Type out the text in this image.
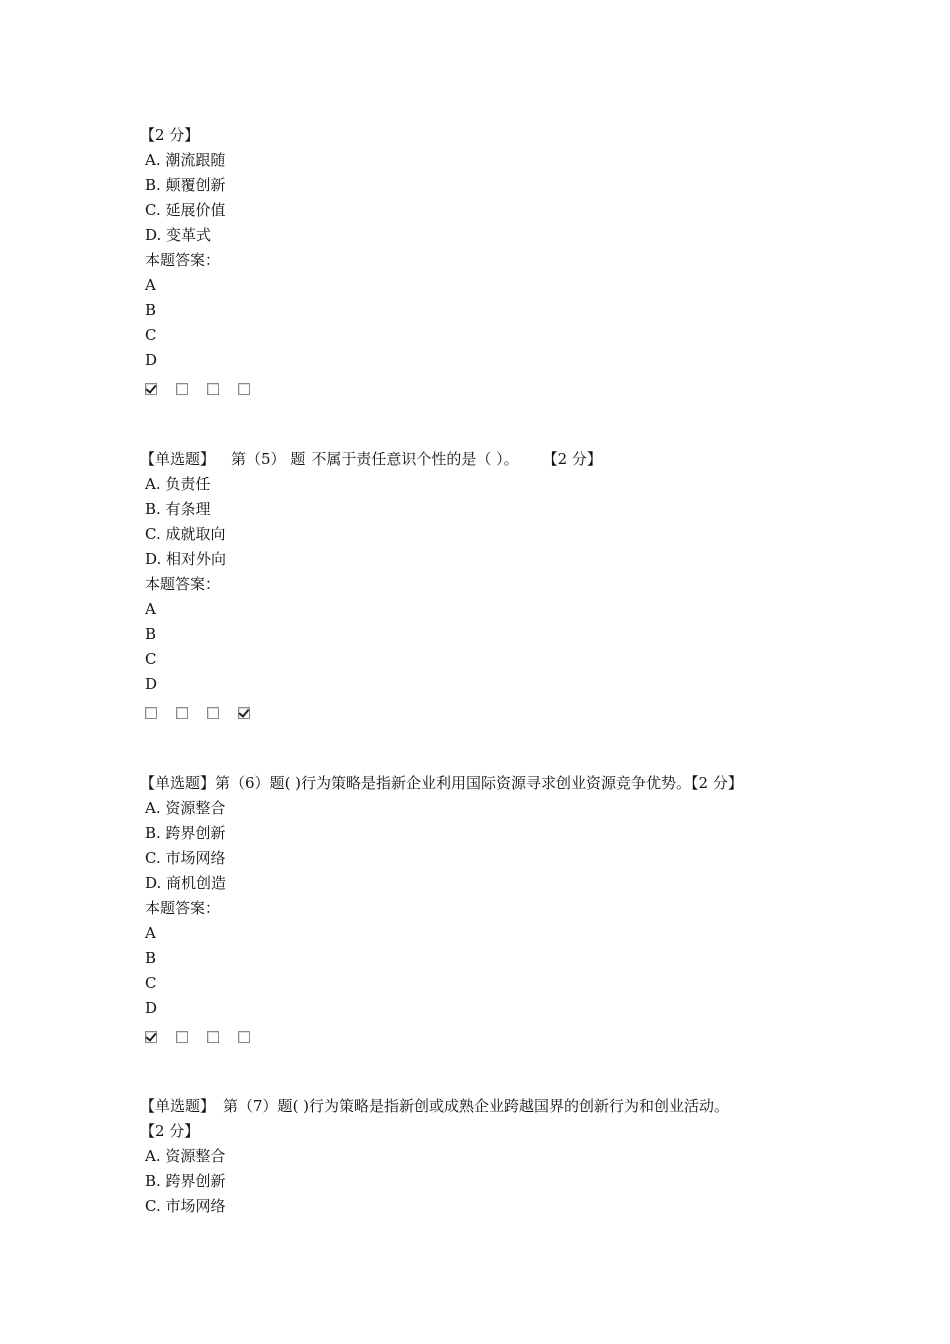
【2 分】
A. 潮流跟随
B. 颠覆创新
C. 延展价值
D. 变革式
本题答案：
A
B
C
D
【单选题】 第（5） 题 不属于责任意识个性的是（ ）。 【2 分】
A. 负责任
B. 有条理
C. 成就取向
D. 相对外向
本题答案：
A
B
C
D
【单选题】第（6）题( )行为策略是指新企业利用国际资源寻求创业资源竞争优势。【2 分】
A. 资源整合
B. 跨界创新
C. 市场网络
D. 商机创造
本题答案：
A
B
C
D
【单选题】 第（7）题( )行为策略是指新创或成熟企业跨越国界的创新行为和创业活动。
【2 分】
A. 资源整合
B. 跨界创新
C. 市场网络
